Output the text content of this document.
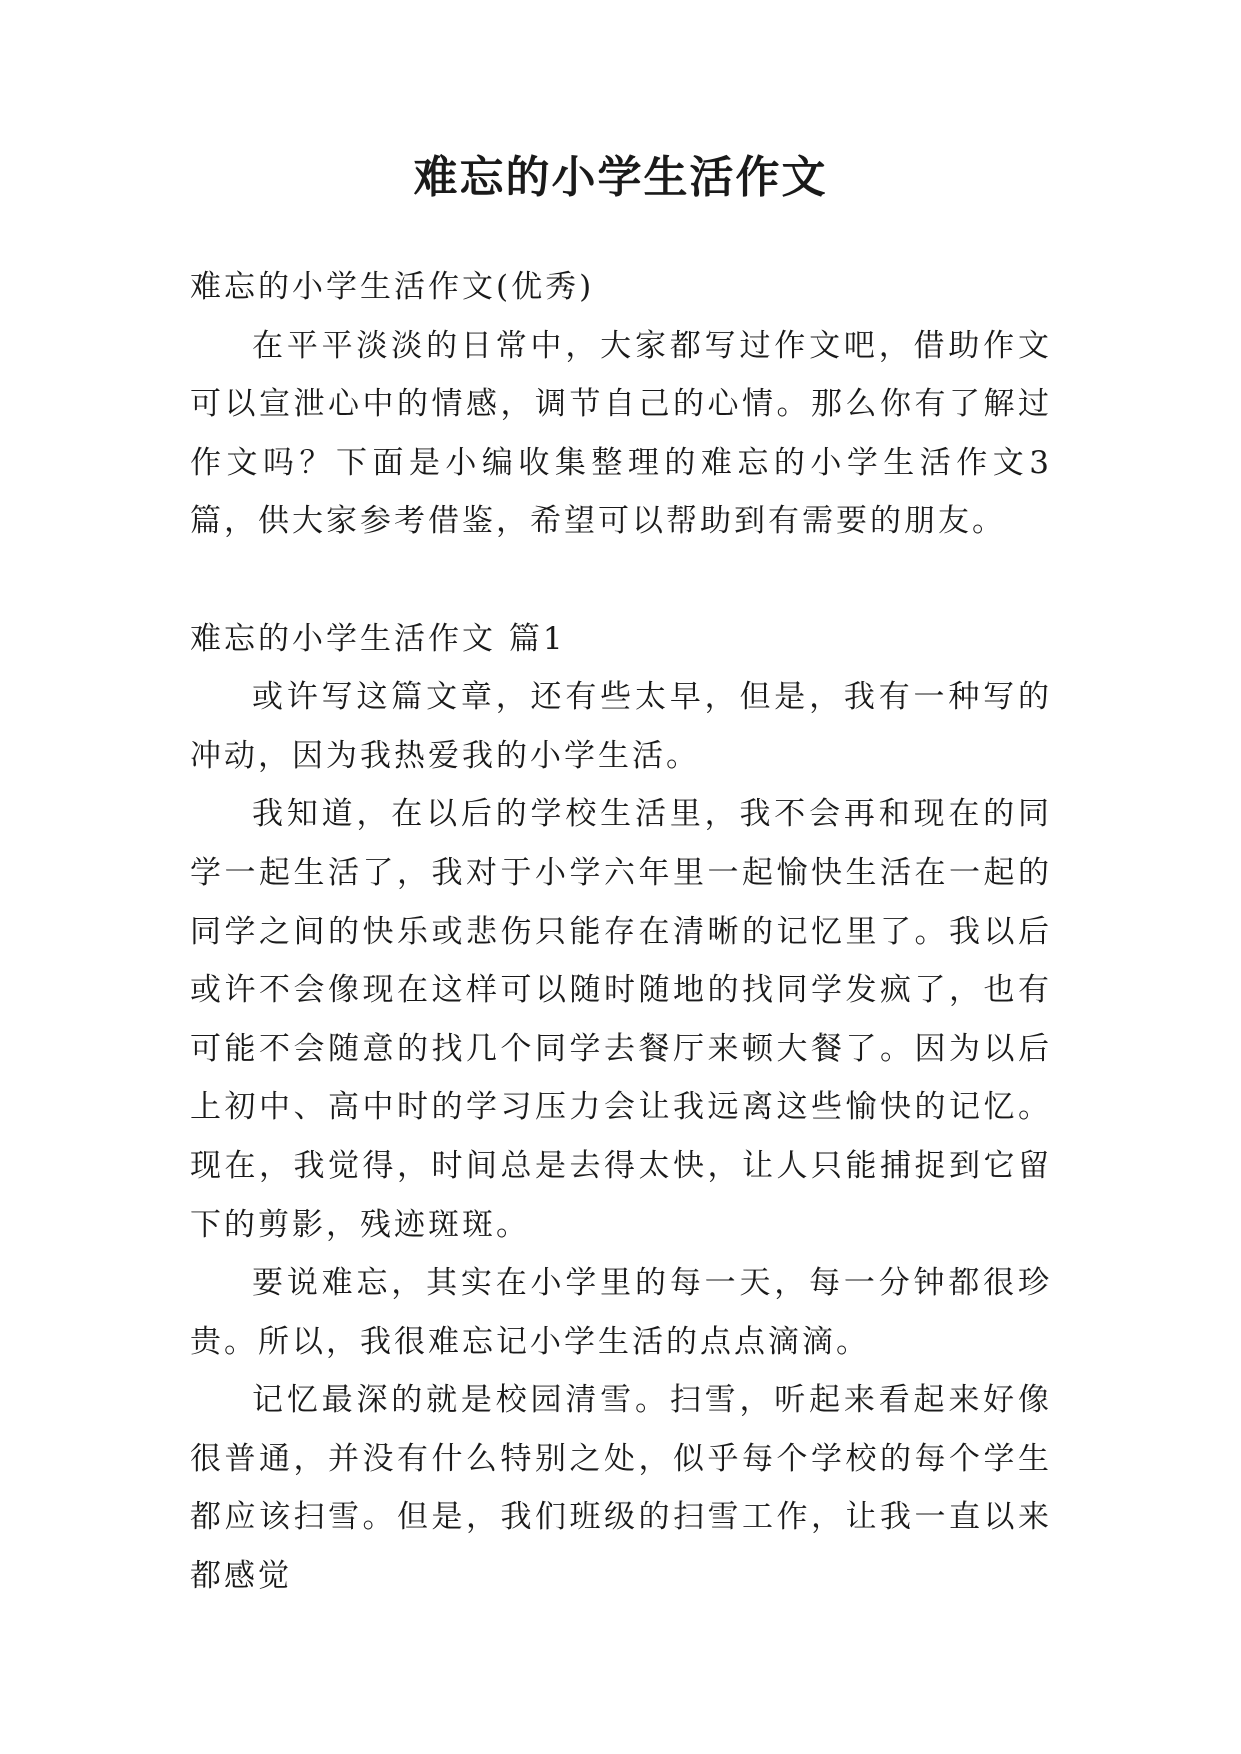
难忘的小学生活作文

难忘的小学生活作文(优秀)

在平平淡淡的日常中，大家都写过作文吧，借助作文可以宣泄心中的情感，调节自己的心情。那么你有了解过作文吗？下面是小编收集整理的难忘的小学生活作文3篇，供大家参考借鉴，希望可以帮助到有需要的朋友。

难忘的小学生活作文 篇1

或许写这篇文章，还有些太早，但是，我有一种写的冲动，因为我热爱我的小学生活。

我知道，在以后的学校生活里，我不会再和现在的同学一起生活了，我对于小学六年里一起愉快生活在一起的同学之间的快乐或悲伤只能存在清晰的记忆里了。我以后或许不会像现在这样可以随时随地的找同学发疯了，也有可能不会随意的找几个同学去餐厅来顿大餐了。因为以后上初中、高中时的学习压力会让我远离这些愉快的记忆。现在，我觉得，时间总是去得太快，让人只能捕捉到它留下的剪影，残迹斑斑。

要说难忘，其实在小学里的每一天，每一分钟都很珍贵。所以，我很难忘记小学生活的点点滴滴。

记忆最深的就是校园清雪。扫雪，听起来看起来好像很普通，并没有什么特别之处，似乎每个学校的每个学生都应该扫雪。但是，我们班级的扫雪工作，让我一直以来都感觉
